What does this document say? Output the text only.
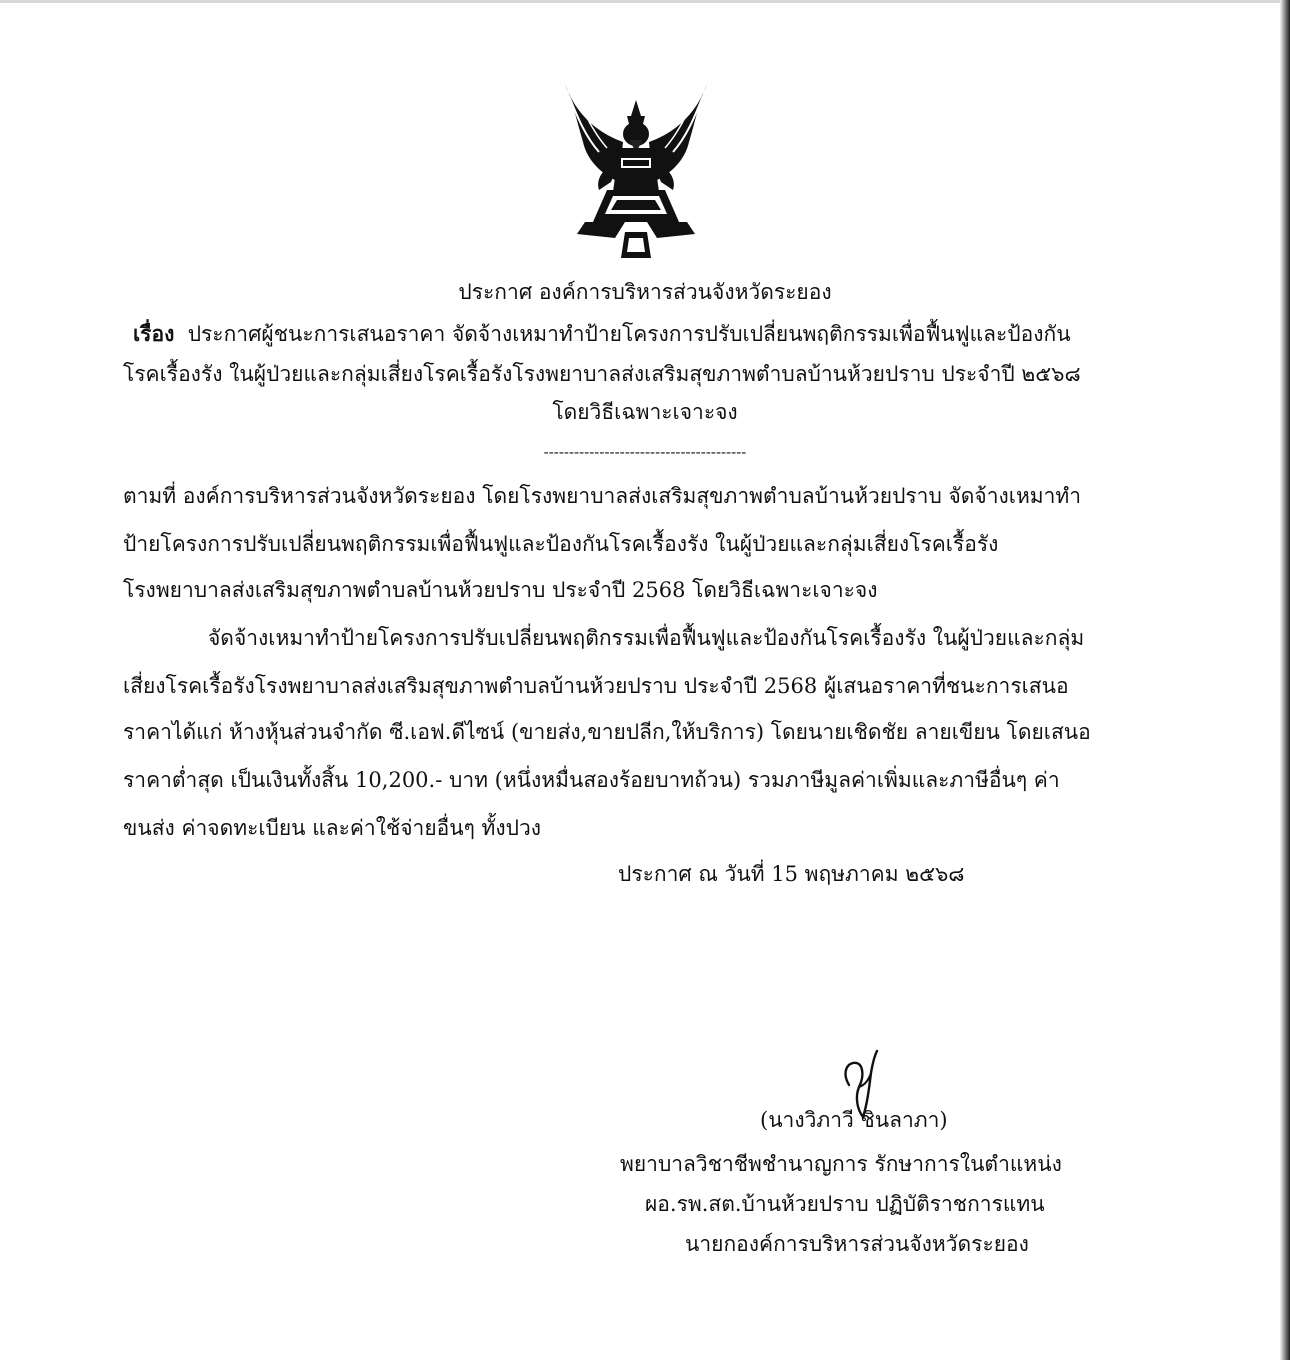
ประกาศ องค์การบริหารส่วนจังหวัดระยอง
เรื่อง ประกาศผู้ชนะการเสนอราคา จัดจ้างเหมาทำป้ายโครงการปรับเปลี่ยนพฤติกรรมเพื่อฟื้นฟูและป้องกัน
โรคเรื้องรัง ในผู้ป่วยและกลุ่มเสี่ยงโรคเรื้อรังโรงพยาบาลส่งเสริมสุขภาพตำบลบ้านห้วยปราบ ประจำปี ๒๕๖๘
โดยวิธีเฉพาะเจาะจง
----------------------------------------
ตามที่ องค์การบริหารส่วนจังหวัดระยอง โดยโรงพยาบาลส่งเสริมสุขภาพตำบลบ้านห้วยปราบ จัดจ้างเหมาทำ
ป้ายโครงการปรับเปลี่ยนพฤติกรรมเพื่อฟื้นฟูและป้องกันโรคเรื้องรัง ในผู้ป่วยและกลุ่มเสี่ยงโรคเรื้อรัง
โรงพยาบาลส่งเสริมสุขภาพตำบลบ้านห้วยปราบ ประจำปี 2568 โดยวิธีเฉพาะเจาะจง
จัดจ้างเหมาทำป้ายโครงการปรับเปลี่ยนพฤติกรรมเพื่อฟื้นฟูและป้องกันโรคเรื้องรัง ในผู้ป่วยและกลุ่ม
เสี่ยงโรคเรื้อรังโรงพยาบาลส่งเสริมสุขภาพตำบลบ้านห้วยปราบ ประจำปี 2568 ผู้เสนอราคาที่ชนะการเสนอ
ราคาได้แก่ ห้างหุ้นส่วนจำกัด ซี.เอฟ.ดีไซน์ (ขายส่ง,ขายปลีก,ให้บริการ) โดยนายเชิดชัย ลายเขียน โดยเสนอ
ราคาต่ำสุด เป็นเงินทั้งสิ้น 10,200.- บาท (หนึ่งหมื่นสองร้อยบาทถ้วน) รวมภาษีมูลค่าเพิ่มและภาษีอื่นๆ ค่า
ขนส่ง ค่าจดทะเบียน และค่าใช้จ่ายอื่นๆ ทั้งปวง
ประกาศ ณ วันที่ 15 พฤษภาคม ๒๕๖๘
(นางวิภาวี ชินลาภา)
พยาบาลวิชาชีพชำนาญการ รักษาการในตำแหน่ง
ผอ.รพ.สต.บ้านห้วยปราบ ปฏิบัติราชการแทน
นายกองค์การบริหารส่วนจังหวัดระยอง
